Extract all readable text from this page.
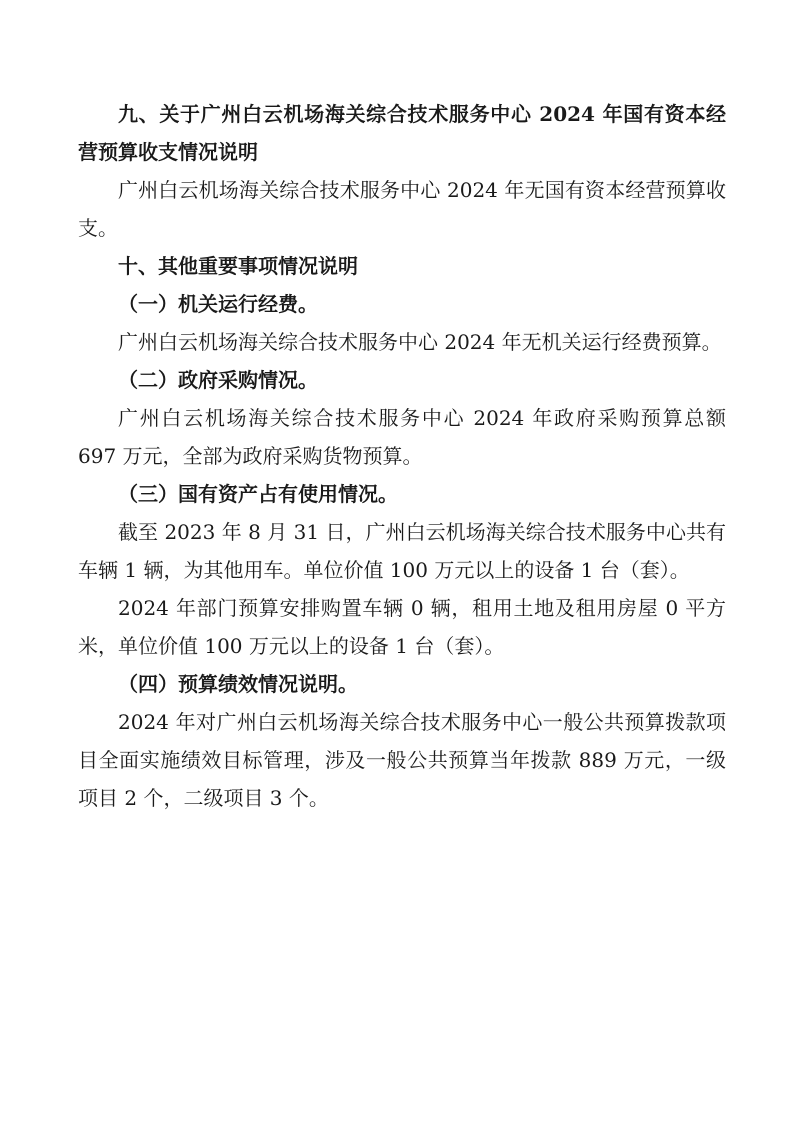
九、关于广州白云机场海关综合技术服务中心 2024 年国有资本经营预算收支情况说明

广州白云机场海关综合技术服务中心 2024 年无国有资本经营预算收支。

十、其他重要事项情况说明

（一）机关运行经费。

广州白云机场海关综合技术服务中心 2024 年无机关运行经费预算。

（二）政府采购情况。

广州白云机场海关综合技术服务中心 2024 年政府采购预算总额 697 万元，全部为政府采购货物预算。

（三）国有资产占有使用情况。

截至 2023 年 8 月 31 日，广州白云机场海关综合技术服务中心共有车辆 1 辆，为其他用车。单位价值 100 万元以上的设备 1 台（套）。

2024 年部门预算安排购置车辆 0 辆，租用土地及租用房屋 0 平方米，单位价值 100 万元以上的设备 1 台（套）。

（四）预算绩效情况说明。

2024 年对广州白云机场海关综合技术服务中心一般公共预算拨款项目全面实施绩效目标管理，涉及一般公共预算当年拨款 889 万元，一级项目 2 个，二级项目 3 个。
